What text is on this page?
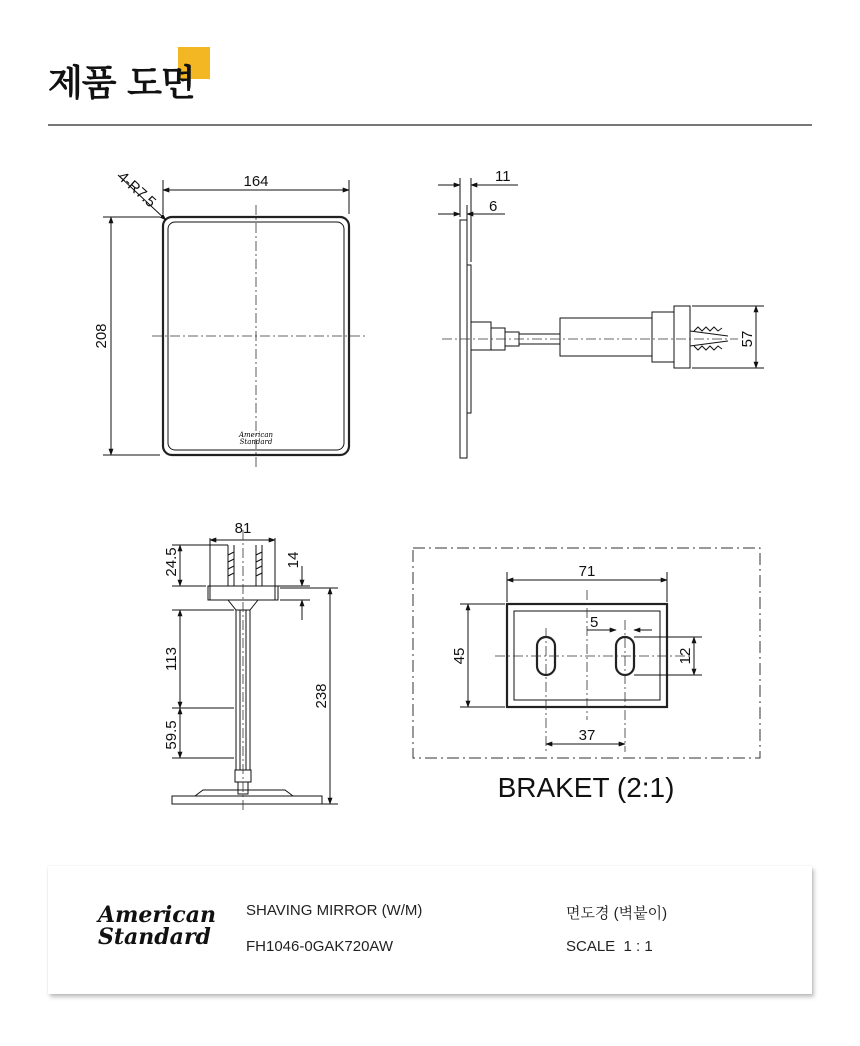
제품 도면
164
208
4-R7.5
American
Standard
11
6
57
81
24.5
113
59.5
14
238
71
5
45	12
37
BRAKET (2:1)
American
Standard
SHAVING MIRROR (W/M)
FH1046-0GAK720AW
면도경 (벽붙이)
SCALE  1 : 1
